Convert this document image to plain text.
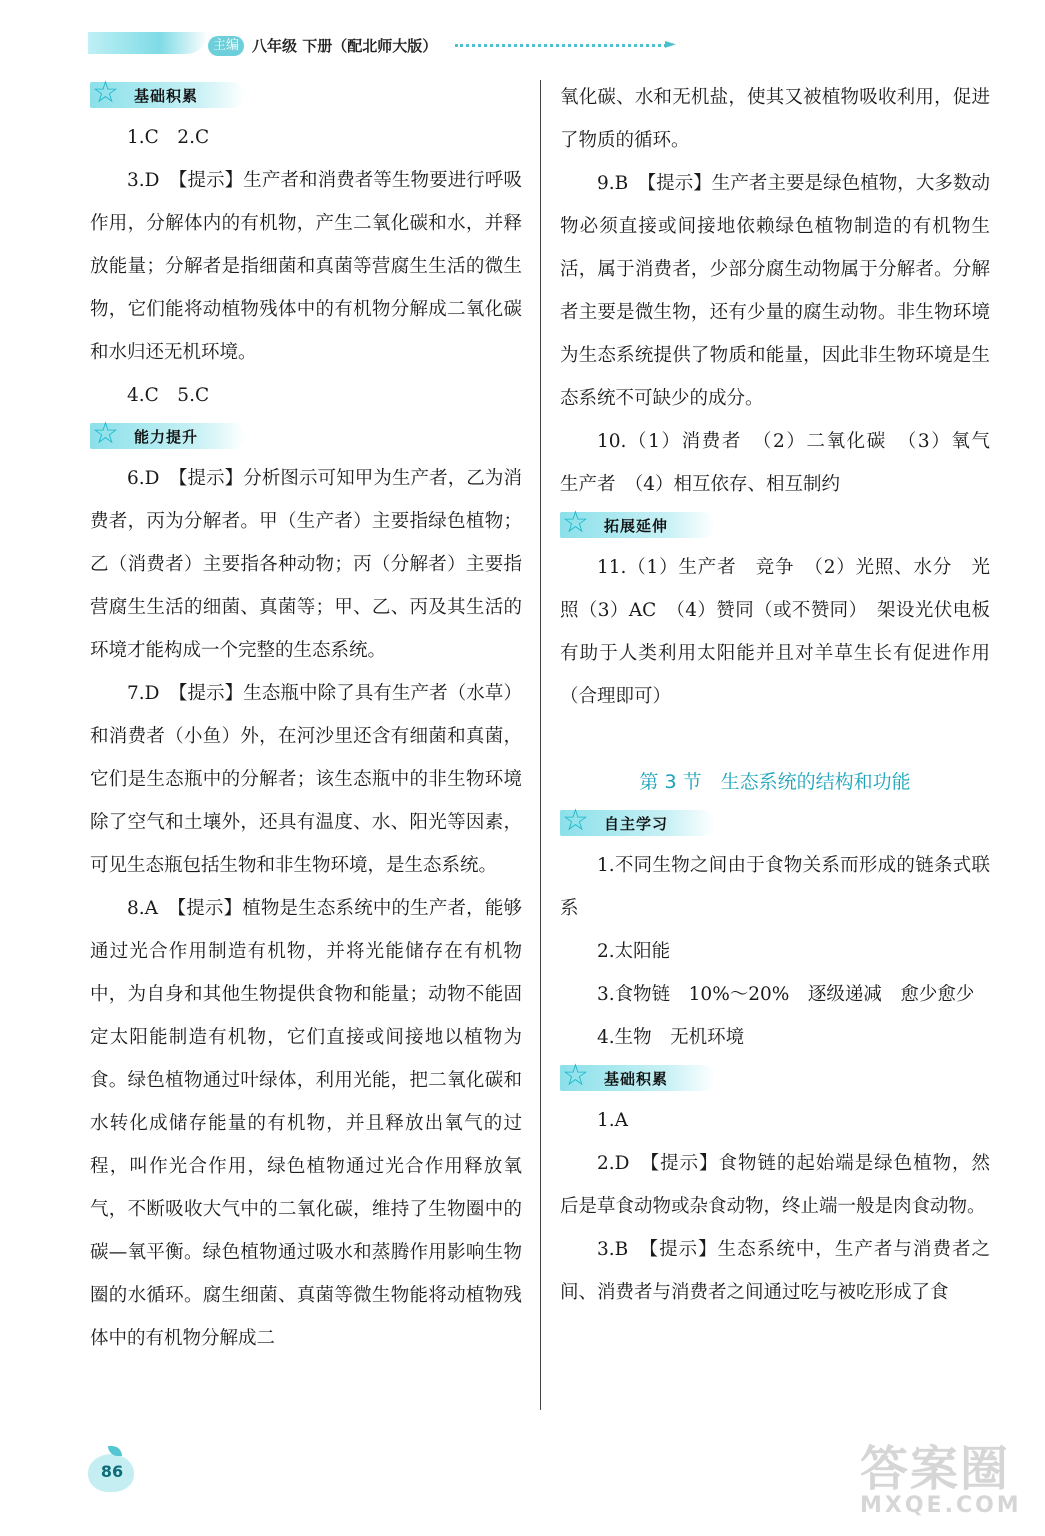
主编 八年级 下册（配北师大版）	►
☆ 基础积累

1.C　2.C

3.D　【提示】生产者和消费者等生物要进行呼吸作用，分解体内的有机物，产生二氧化碳和水，并释放能量；分解者是指细菌和真菌等营腐生生活的微生物，它们能将动植物残体中的有机物分解成二氧化碳和水归还无机环境。

4.C　5.C

☆ 能力提升

6.D　【提示】分析图示可知甲为生产者，乙为消费者，丙为分解者。甲（生产者）主要指绿色植物；乙（消费者）主要指各种动物；丙（分解者）主要指营腐生生活的细菌、真菌等；甲、乙、丙及其生活的环境才能构成一个完整的生态系统。

7.D　【提示】生态瓶中除了具有生产者（水草）和消费者（小鱼）外，在河沙里还含有细菌和真菌，它们是生态瓶中的分解者；该生态瓶中的非生物环境除了空气和土壤外，还具有温度、水、阳光等因素，可见生态瓶包括生物和非生物环境，是生态系统。

8.A　【提示】植物是生态系统中的生产者，能够通过光合作用制造有机物，并将光能储存在有机物中，为自身和其他生物提供食物和能量；动物不能固定太阳能制造有机物，它们直接或间接地以植物为食。绿色植物通过叶绿体，利用光能，把二氧化碳和水转化成储存能量的有机物，并且释放出氧气的过程，叫作光合作用，绿色植物通过光合作用释放氧气，不断吸收大气中的二氧化碳，维持了生物圈中的碳—氧平衡。绿色植物通过吸水和蒸腾作用影响生物圈的水循环。腐生细菌、真菌等微生物能将动植物残体中的有机物分解成二

氧化碳、水和无机盐，使其又被植物吸收利用，促进了物质的循环。

9.B　【提示】生产者主要是绿色植物，大多数动物必须直接或间接地依赖绿色植物制造的有机物生活，属于消费者，少部分腐生动物属于分解者。分解者主要是微生物，还有少量的腐生动物。非生物环境为生态系统提供了物质和能量，因此非生物环境是生态系统不可缺少的成分。

10.（1）消费者　（2）二氧化碳　（3）氧气　生产者　（4）相互依存、相互制约

☆ 拓展延伸

11.（1）生产者　竞争　（2）光照、水分　光照（3）AC　（4）赞同（或不赞同）　架设光伏电板有助于人类利用太阳能并且对羊草生长有促进作用（合理即可）

第 3 节　生态系统的结构和功能

☆ 自主学习

1.不同生物之间由于食物关系而形成的链条式联系

2.太阳能

3.食物链　10%～20%　逐级递减　愈少愈少

4.生物　无机环境

☆ 基础积累

1.A

2.D　【提示】食物链的起始端是绿色植物，然后是草食动物或杂食动物，终止端一般是肉食动物。

3.B　【提示】生态系统中，生产者与消费者之间、消费者与消费者之间通过吃与被吃形成了食

86	答案圈
MXQE.COM
